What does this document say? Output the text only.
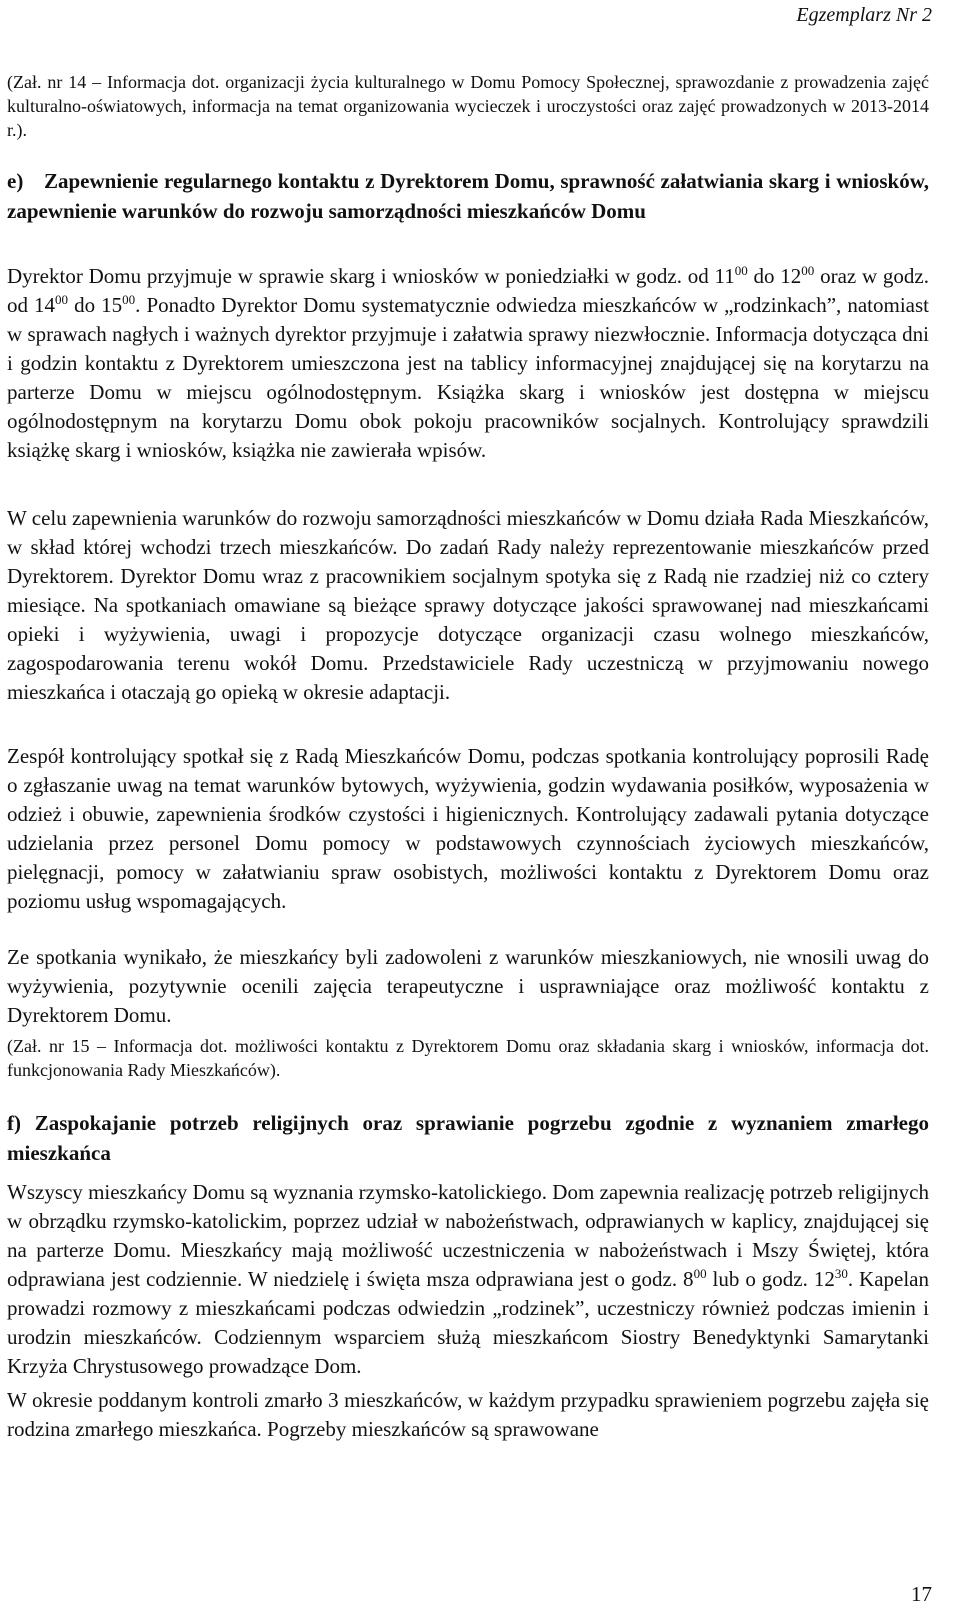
Egzemplarz Nr 2

(Zał. nr 14 – Informacja dot. organizacji życia kulturalnego w Domu Pomocy Społecznej, sprawozdanie z prowadzenia zajęć kulturalno-oświatowych, informacja na temat organizowania wycieczek i uroczystości oraz zajęć prowadzonych w 2013-2014 r.).

e) Zapewnienie regularnego kontaktu z Dyrektorem Domu, sprawność załatwiania skarg i wniosków, zapewnienie warunków do rozwoju samorządności mieszkańców Domu

Dyrektor Domu przyjmuje w sprawie skarg i wniosków w poniedziałki w godz. od $11^{00}$ do $12^{00}$ oraz w godz. od $14^{00}$ do $15^{00}$. Ponadto Dyrektor Domu systematycznie odwiedza mieszkańców w „rodzinkach”, natomiast w sprawach nagłych i ważnych dyrektor przyjmuje i załatwia sprawy niezwłocznie. Informacja dotycząca dni i godzin kontaktu z Dyrektorem umieszczona jest na tablicy informacyjnej znajdującej się na korytarzu na parterze Domu w miejscu ogólnodostępnym. Książka skarg i wniosków jest dostępna w miejscu ogólnodostępnym na korytarzu Domu obok pokoju pracowników socjalnych. Kontrolujący sprawdzili książkę skarg i wniosków, książka nie zawierała wpisów.

W celu zapewnienia warunków do rozwoju samorządności mieszkańców w Domu działa Rada Mieszkańców, w skład której wchodzi trzech mieszkańców. Do zadań Rady należy reprezentowanie mieszkańców przed Dyrektorem. Dyrektor Domu wraz z pracownikiem socjalnym spotyka się z Radą nie rzadziej niż co cztery miesiące. Na spotkaniach omawiane są bieżące sprawy dotyczące jakości sprawowanej nad mieszkańcami opieki i wyżywienia, uwagi i propozycje dotyczące organizacji czasu wolnego mieszkańców, zagospodarowania terenu wokół Domu. Przedstawiciele Rady uczestniczą w przyjmowaniu nowego mieszkańca i otaczają go opieką w okresie adaptacji.

Zespół kontrolujący spotkał się z Radą Mieszkańców Domu, podczas spotkania kontrolujący poprosili Radę o zgłaszanie uwag na temat warunków bytowych, wyżywienia, godzin wydawania posiłków, wyposażenia w odzież i obuwie, zapewnienia środków czystości i higienicznych. Kontrolujący zadawali pytania dotyczące udzielania przez personel Domu pomocy w podstawowych czynnościach życiowych mieszkańców, pielęgnacji, pomocy w załatwianiu spraw osobistych, możliwości kontaktu z Dyrektorem Domu oraz poziomu usług wspomagających.

Ze spotkania wynikało, że mieszkańcy byli zadowoleni z warunków mieszkaniowych, nie wnosili uwag do wyżywienia, pozytywnie ocenili zajęcia terapeutyczne i usprawniające oraz możliwość kontaktu z Dyrektorem Domu.

(Zał. nr 15 – Informacja dot. możliwości kontaktu z Dyrektorem Domu oraz składania skarg i wniosków, informacja dot. funkcjonowania Rady Mieszkańców).

f) Zaspokajanie potrzeb religijnych oraz sprawianie pogrzebu zgodnie z wyznaniem zmarłego mieszkańca

Wszyscy mieszkańcy Domu są wyznania rzymsko-katolickiego. Dom zapewnia realizację potrzeb religijnych w obrządku rzymsko-katolickim, poprzez udział w nabożeństwach, odprawianych w kaplicy, znajdującej się na parterze Domu. Mieszkańcy mają możliwość uczestniczenia w nabożeństwach i Mszy Świętej, która odprawiana jest codziennie. W niedzielę i święta msza odprawiana jest o godz. $8^{00}$ lub o godz. $12^{30}$. Kapelan prowadzi rozmowy z mieszkańcami podczas odwiedzin „rodzinek”, uczestniczy również podczas imienin i urodzin mieszkańców. Codziennym wsparciem służą mieszkańcom Siostry Benedyktynki Samarytanki Krzyża Chrystusowego prowadzące Dom.

W okresie poddanym kontroli zmarło 3 mieszkańców, w każdym przypadku sprawieniem pogrzebu zajęła się rodzina zmarłego mieszkańca. Pogrzeby mieszkańców są sprawowane

17
